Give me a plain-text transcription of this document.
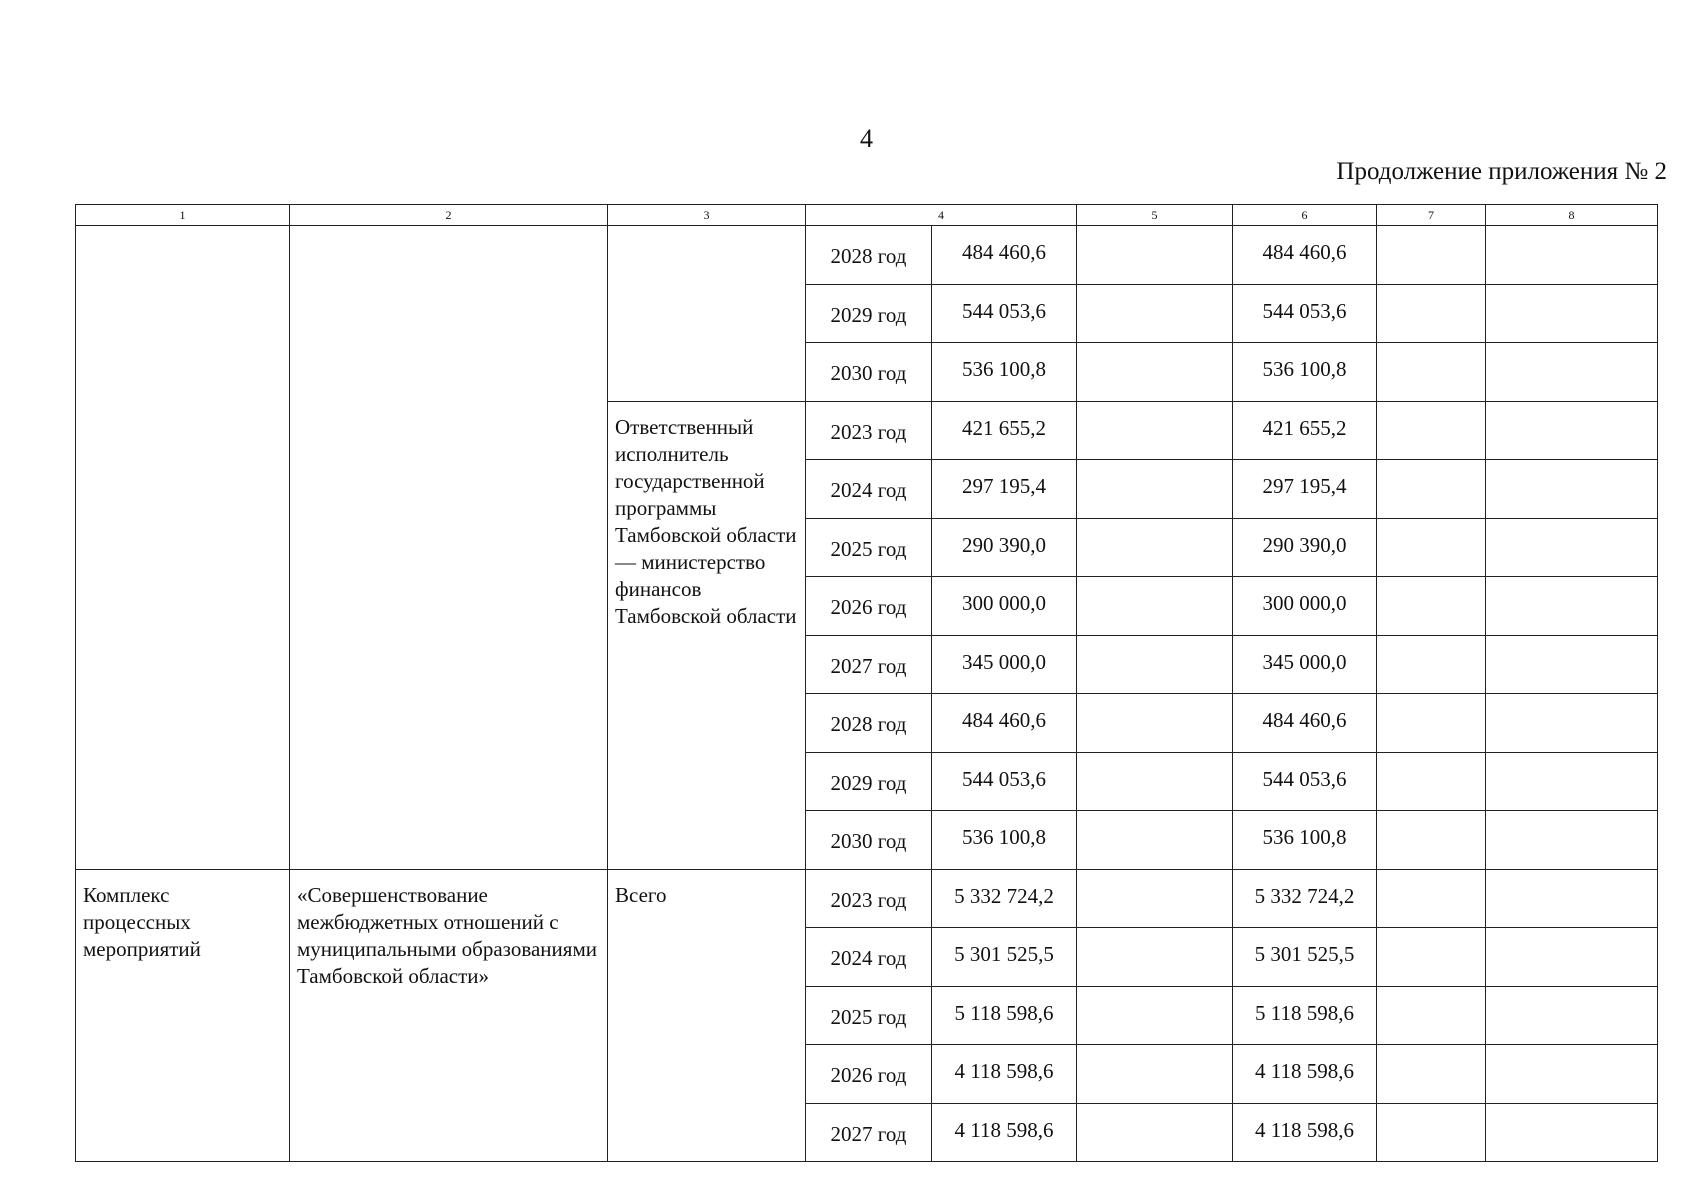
4
Продолжение приложения № 2
1	2	3	4		5	6	7	8
			2028 год	484 460,6		484 460,6		
			2029 год	544 053,6		544 053,6		
			2030 год	536 100,8		536 100,8		
		Ответственный исполнитель государственной программы Тамбовской области — министерство финансов Тамбовской области	2023 год	421 655,2		421 655,2		
			2024 год	297 195,4		297 195,4		
			2025 год	290 390,0		290 390,0		
			2026 год	300 000,0		300 000,0		
			2027 год	345 000,0		345 000,0		
			2028 год	484 460,6		484 460,6		
			2029 год	544 053,6		544 053,6		
			2030 год	536 100,8		536 100,8		
Комплекс процессных мероприятий	«Совершенствование межбюджетных отношений с муниципальными образованиями Тамбовской области»	Всего	2023 год	5 332 724,2		5 332 724,2		
			2024 год	5 301 525,5		5 301 525,5		
			2025 год	5 118 598,6		5 118 598,6		
			2026 год	4 118 598,6		4 118 598,6		
			2027 год	4 118 598,6		4 118 598,6		
